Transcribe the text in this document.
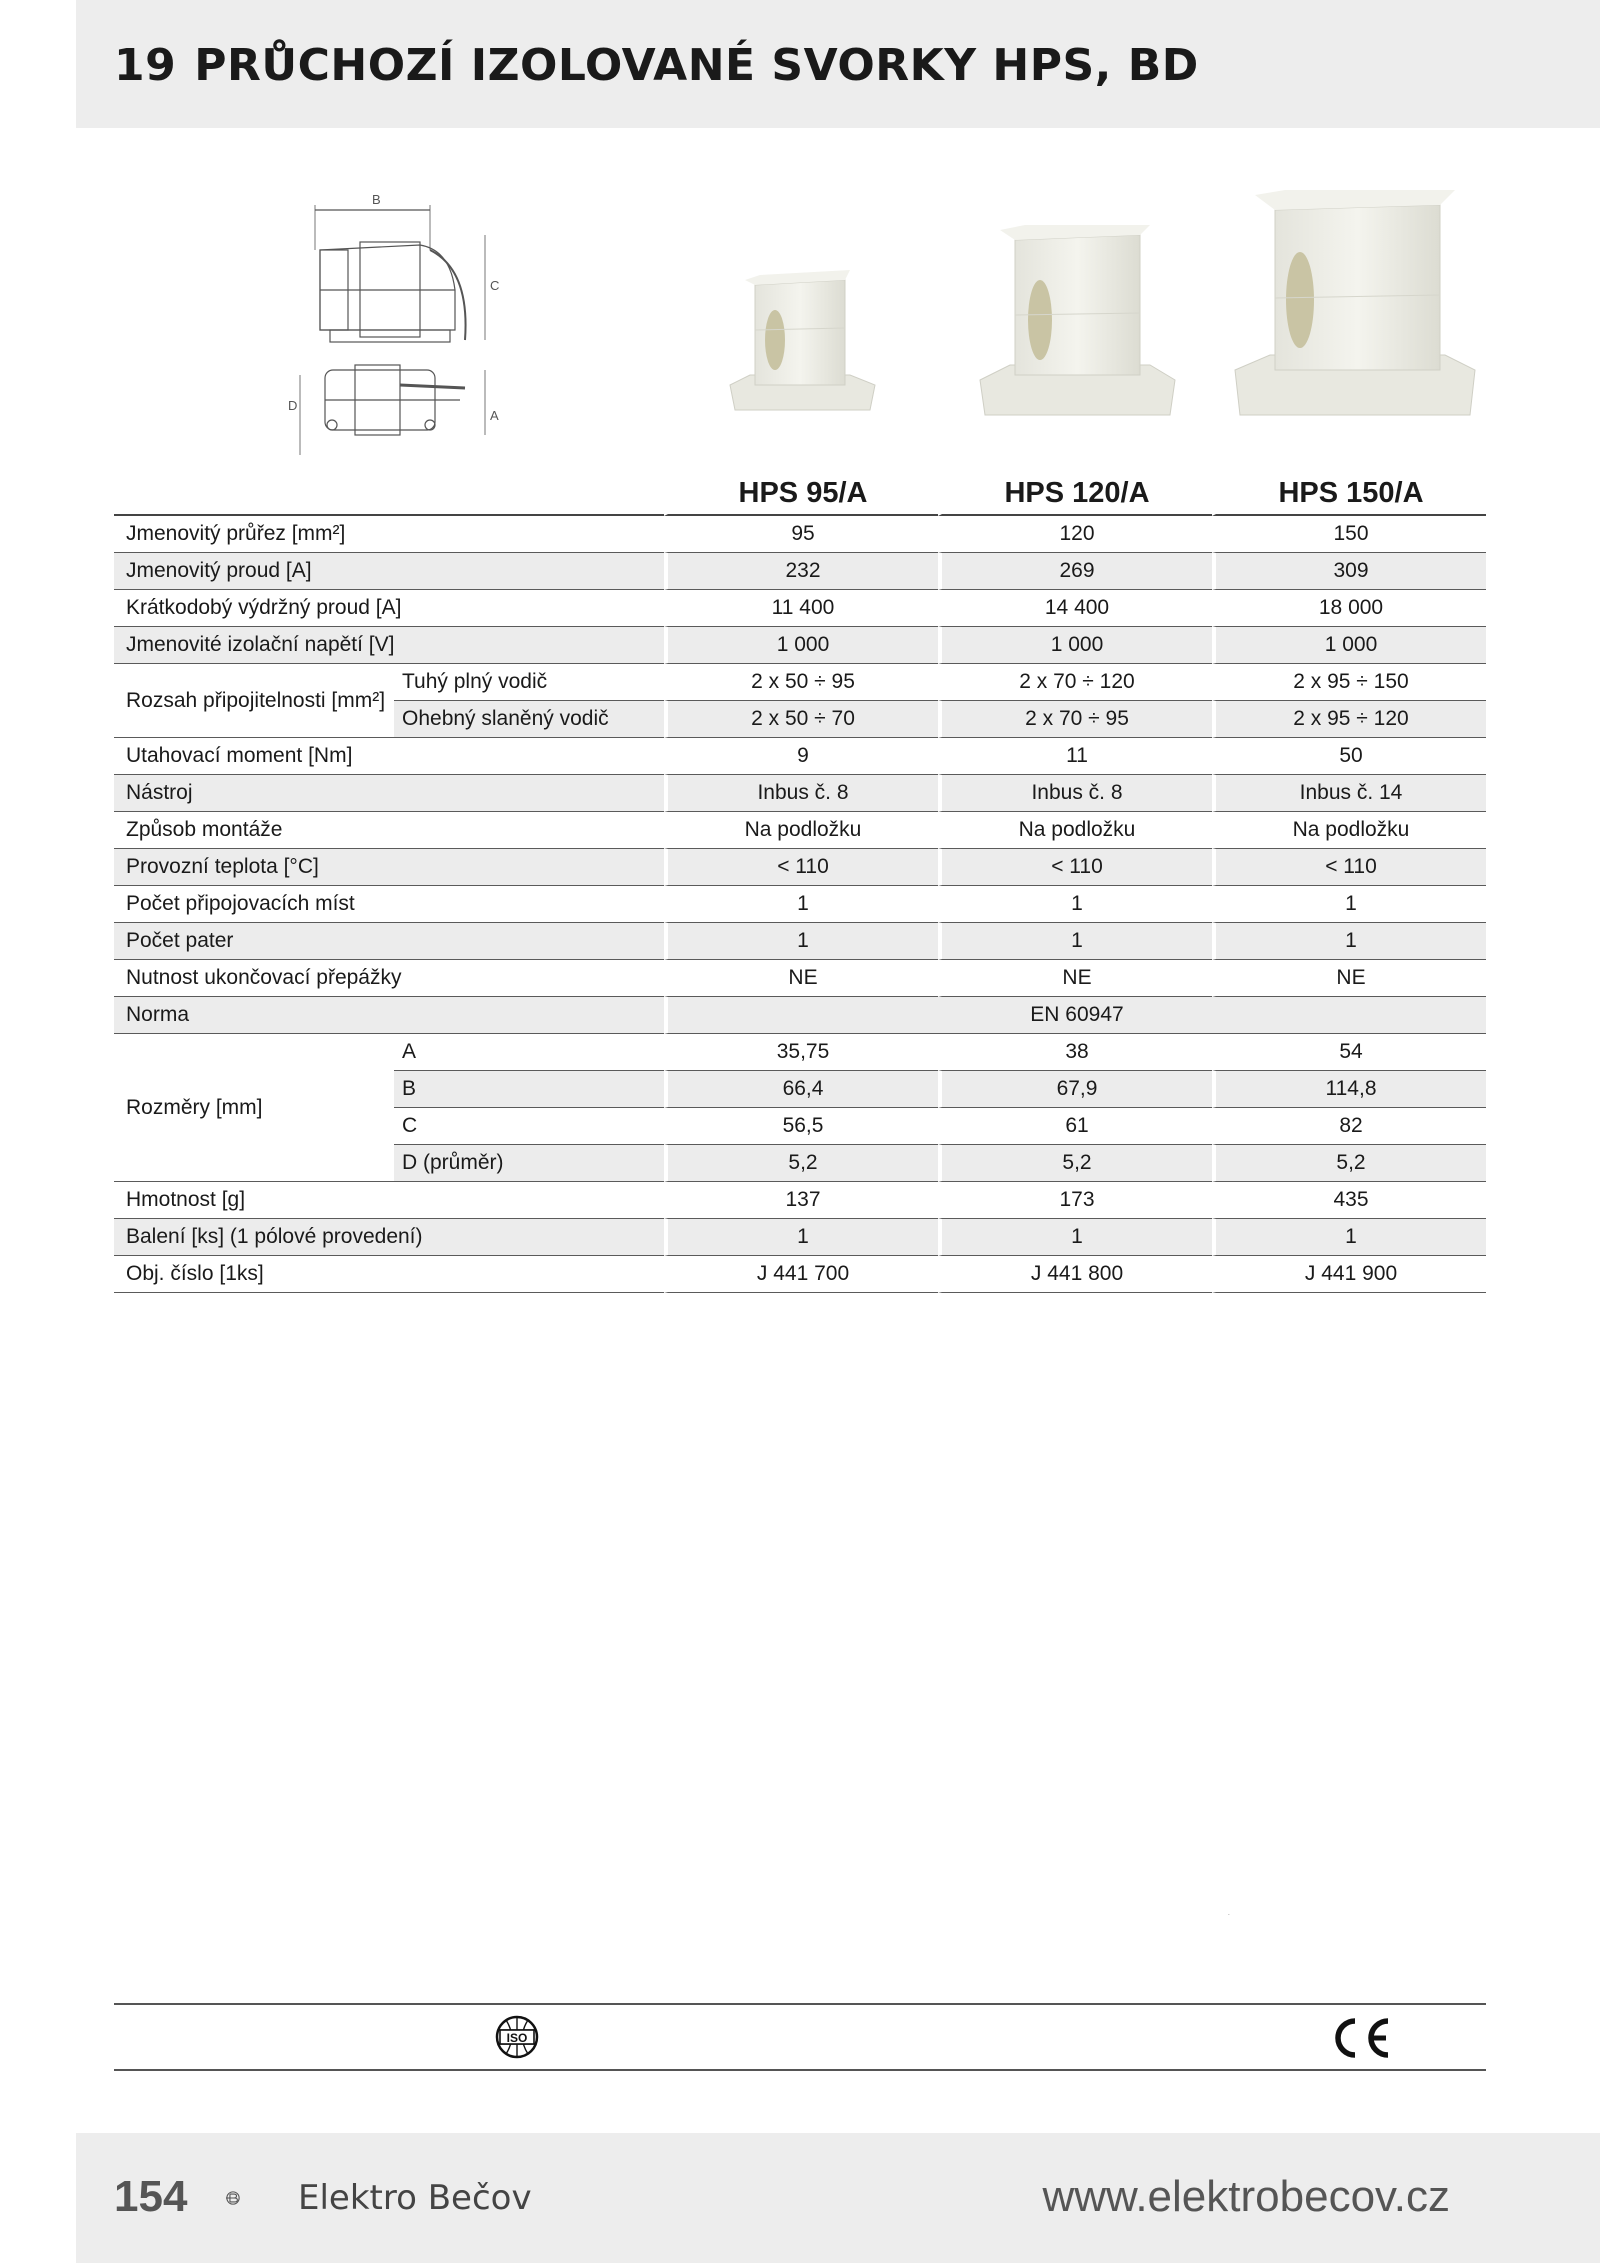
19 PRŮCHOZÍ IZOLOVANÉ SVORKY HPS, BD
B
C
D
A
		HPS 95/A	HPS 120/A	HPS 150/A
Jmenovitý průřez [mm²]		95	120	150
Jmenovitý proud [A]		232	269	309
Krátkodobý výdržný proud [A]		11 400	14 400	18 000
Jmenovité izolační napětí [V]		1 000	1 000	1 000
Rozsah připojitelnosti [mm²]	Tuhý plný vodič	2 x 50 ÷ 95	2 x 70 ÷ 120	2 x 95 ÷ 150
	Ohebný slaněný vodič	2 x 50 ÷ 70	2 x 70 ÷ 95	2 x 95 ÷ 120
Utahovací moment [Nm]		9	11	50
Nástroj		Inbus č. 8	Inbus č. 8	Inbus č. 14
Způsob montáže		Na podložku	Na podložku	Na podložku
Provozní teplota [°C]		< 110	< 110	< 110
Počet připojovacích míst		1	1	1
Počet pater		1	1	1
Nutnost ukončovací přepážky		NE	NE	NE
Norma		EN 60947		
Rozměry [mm]	A	35,75	38	54
	B	66,4	67,9	114,8
	C	56,5	61	82
	D (průměr)	5,2	5,2	5,2
Hmotnost [g]		137	173	435
Balení [ks] (1 pólové provedení)		1	1	1
Obj. číslo [1ks]		J 441 700	J 441 800	J 441 900
ISO
CE
154	Elektro Bečov	www.elektrobecov.cz
